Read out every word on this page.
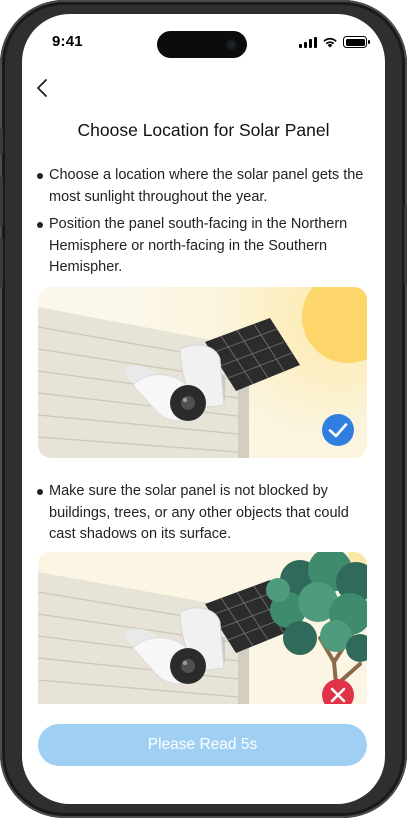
9:41
Choose Location for Solar Panel

Choose a location where the solar panel gets the most sunlight throughout the year.

Position the panel south-facing in the Northern Hemisphere or north-facing in the Southern Hemispher.

Make sure the solar panel is not blocked by buildings, trees, or any other objects that could cast shadows on its surface.

Please Read 5s
